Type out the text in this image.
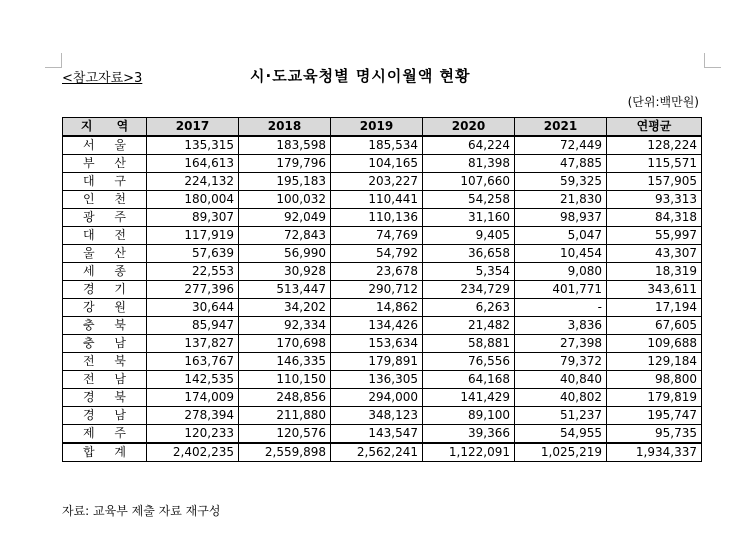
<참고자료>3	시·도교육청별 명시이월액 현황
(단위:백만원)
지 역	2017	2018	2019	2020	2021	연평균
서 울	135,315	183,598	185,534	64,224	72,449	128,224
부 산	164,613	179,796	104,165	81,398	47,885	115,571
대 구	224,132	195,183	203,227	107,660	59,325	157,905
인 천	180,004	100,032	110,441	54,258	21,830	93,313
광 주	89,307	92,049	110,136	31,160	98,937	84,318
대 전	117,919	72,843	74,769	9,405	5,047	55,997
울 산	57,639	56,990	54,792	36,658	10,454	43,307
세 종	22,553	30,928	23,678	5,354	9,080	18,319
경 기	277,396	513,447	290,712	234,729	401,771	343,611
강 원	30,644	34,202	14,862	6,263	-	17,194
충 북	85,947	92,334	134,426	21,482	3,836	67,605
충 남	137,827	170,698	153,634	58,881	27,398	109,688
전 북	163,767	146,335	179,891	76,556	79,372	129,184
전 남	142,535	110,150	136,305	64,168	40,840	98,800
경 북	174,009	248,856	294,000	141,429	40,802	179,819
경 남	278,394	211,880	348,123	89,100	51,237	195,747
제 주	120,233	120,576	143,547	39,366	54,955	95,735
합 계	2,402,235	2,559,898	2,562,241	1,122,091	1,025,219	1,934,337
자료: 교육부 제출 자료 재구성
